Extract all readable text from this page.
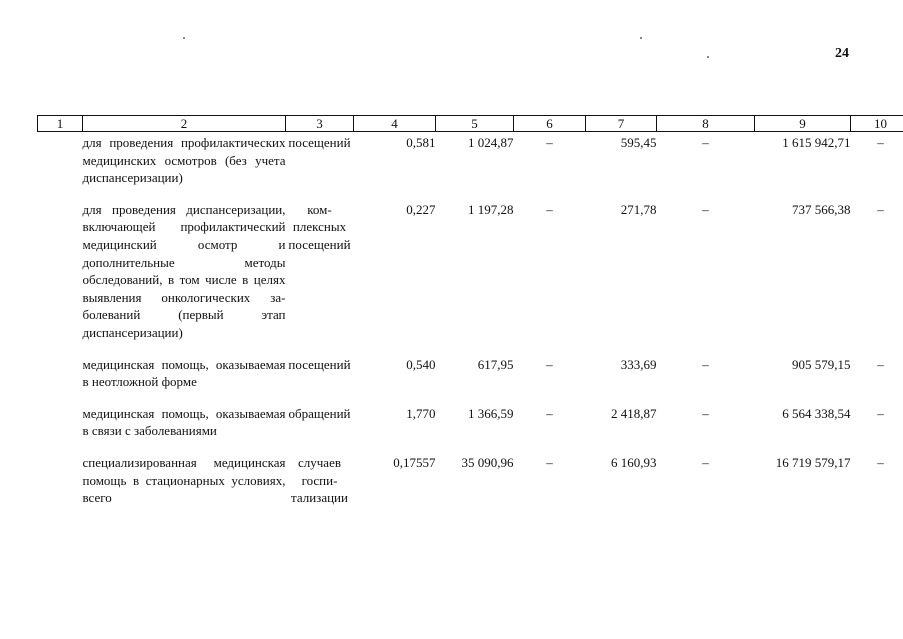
24
1	2	3	4	5	6	7	8	9	10
	для проведения профилактических медицинских осмотров (без учета диспансеризации)	посещений	0,581	1 024,87	–	595,45	–	1 615 942,71	–
	для проведения диспансеризации, включающей профилактический медицинский осмотр и дополнительные методы обследований, в том числе в целях выявления онкологических заболеваний (первый этап диспансеризации)	комплексных посещений	0,227	1 197,28	–	271,78	–	737 566,38	–
	медицинская помощь, оказываемая в неотложной форме	посещений	0,540	617,95	–	333,69	–	905 579,15	–
	медицинская помощь, оказываемая в связи с заболеваниями	обращений	1,770	1 366,59	–	2 418,87	–	6 564 338,54	–
	специализированная медицинская помощь в стационарных условиях, всего	случаев госпитализации	0,17557	35 090,96	–	6 160,93	–	16 719 579,17	–
